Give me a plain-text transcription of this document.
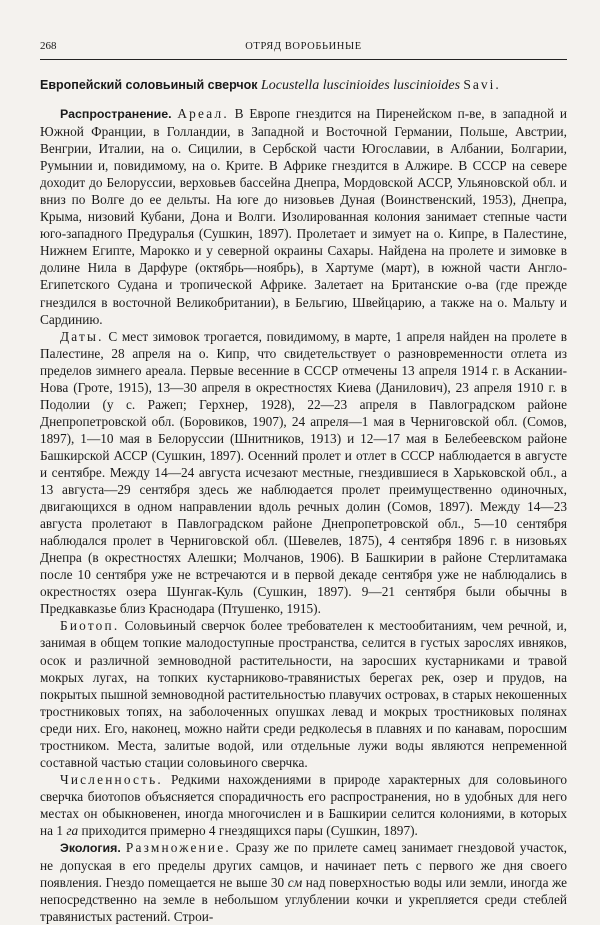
268	ОТРЯД ВОРОБЬИНЫЕ
Европейский соловьиный сверчок Locustella luscinioides luscinioides Savi.

Распространение. Ареал. В Европе гнездится на Пиренейском п-ве, в западной и Южной Франции, в Голландии, в Западной и Восточной Германии, Польше, Австрии, Венгрии, Италии, на о. Сицилии, в Сербской части Югославии, в Албании, Болгарии, Румынии и, повидимому, на о. Крите. В Африке гнездится в Алжире. В СССР на севере доходит до Белоруссии, верховьев бассейна Днепра, Мордовской АССР, Ульяновской обл. и вниз по Волге до ее дельты. На юге до низовьев Дуная (Воинственский, 1953), Днепра, Крыма, низовий Кубани, Дона и Волги. Изолированная колония занимает степные части юго-западного Предуралья (Сушкин, 1897). Пролетает и зимует на о. Кипре, в Палестине, Нижнем Египте, Марокко и у северной окраины Сахары. Найдена на пролете и зимовке в долине Нила в Дарфуре (октябрь—ноябрь), в Хартуме (март), в южной части Англо-Египетского Судана и тропической Африке. Залетает на Британские о-ва (где прежде гнездился в восточной Великобритании), в Бельгию, Швейцарию, а также на о. Мальту и Сардинию.

Даты. С мест зимовок трогается, повидимому, в марте, 1 апреля найден на пролете в Палестине, 28 апреля на о. Кипр, что свидетельствует о разновременности отлета из пределов зимнего ареала. Первые весенние в СССР отмечены 13 апреля 1914 г. в Аскании-Нова (Гроте, 1915), 13—30 апреля в окрестностях Киева (Данилович), 23 апреля 1910 г. в Подолии (у с. Ражеп; Герхнер, 1928), 22—23 апреля в Павлоградском районе Днепропетровской обл. (Боровиков, 1907), 24 апреля—1 мая в Черниговской обл. (Сомов, 1897), 1—10 мая в Белоруссии (Шнитников, 1913) и 12—17 мая в Белебеевском районе Башкирской АССР (Сушкин, 1897). Осенний пролет и отлет в СССР наблюдается в августе и сентябре. Между 14—24 августа исчезают местные, гнездившиеся в Харьковской обл., а 13 августа—29 сентября здесь же наблюдается пролет преимущественно одиночных, двигающихся в одном направлении вдоль речных долин (Сомов, 1897). Между 14—23 августа пролетают в Павлоградском районе Днепропетровской обл., 5—10 сентября наблюдался пролет в Черниговской обл. (Шевелев, 1875), 4 сентября 1896 г. в низовьях Днепра (в окрестностях Алешки; Молчанов, 1906). В Башкирии в районе Стерлитамака после 10 сентября уже не встречаются и в первой декаде сентября уже не наблюдались в окрестностях озера Шунгак-Куль (Сушкин, 1897). 9—21 сентября были обычны в Предкавказье близ Краснодара (Птушенко, 1915).

Биотоп. Соловьиный сверчок более требователен к местообитаниям, чем речной, и, занимая в общем топкие малодоступные пространства, селится в густых зарослях ивняков, осок и различной земноводной растительности, на заросших кустарниками и травой мокрых лугах, на топких кустарниково-травянистых берегах рек, озер и прудов, на покрытых пышной земноводной растительностью плавучих островах, в старых некошенных тростниковых топях, на заболоченных опушках левад и мокрых тростниковых полянах среди них. Его, наконец, можно найти среди редколесья в плавнях и по канавам, поросшим тростником. Места, залитые водой, или отдельные лужи воды являются непременной составной частью стации соловьиного сверчка.

Численность. Редкими нахождениями в природе характерных для соловьиного сверчка биотопов объясняется спорадичность его распространения, но в удобных для него местах он обыкновенен, иногда многочислен и в Башкирии селится колониями, в которых на 1 га приходится примерно 4 гнездящихся пары (Сушкин, 1897).

Экология. Размножение. Сразу же по прилете самец занимает гнездовой участок, не допуская в его пределы других самцов, и начинает петь с первого же дня своего появления. Гнездо помещается не выше 30 см над поверхностью воды или земли, иногда же непосредственно на земле в небольшом углублении кочки и укрепляется среди стеблей травянистых растений. Строи-
